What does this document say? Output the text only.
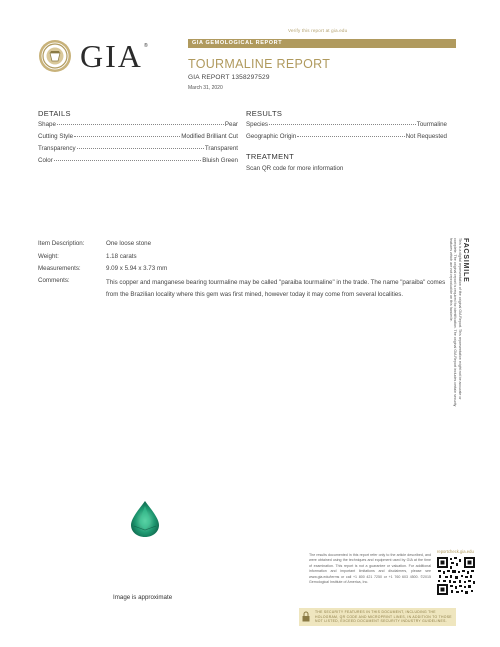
Verify this report at gia.edu
GIA ®	GIA GEMOLOGICAL REPORT
TOURMALINE REPORT
GIA REPORT 1358297529
March 31, 2020
DETAILS
Shape	Pear
Cutting Style	Modified Brilliant Cut
Transparency	Transparent
Color	Bluish Green
RESULTS
Species	Tourmaline
Geographic Origin	Not Requested
TREATMENT
Scan QR code for more information
Item Description:	One loose stone
Weight:	1.18 carats
Measurements:	9.09 x 5.94 x 3.73 mm
Comments:	This copper and manganese bearing tourmaline may be called "paraiba tourmaline" in the trade. The name "paraiba" comes from the Brazilian locality where this gem was first mined, however today it may come from several localities.
FACSIMILE
This is a digital representation of the original GIA Report. This representation might not be accurate or complete. The original report is required for identification. The original GIA Report includes certain security features which are not reproducible on this facsimile.
Image is approximate
The results documented in this report refer only to the article described, and were obtained using the techniques and equipment used by GIA at the time of examination. This report is not a guarantee or valuation. For additional information and important limitations and disclaimers, please see www.gia.edu/terms or call +1 800 421 7250 or +1 760 603 4500. ©2015 Gemological Institute of America, Inc.
reportcheck.gia.edu
THE SECURITY FEATURES IN THIS DOCUMENT, INCLUDING THE HOLOGRAM, QR CODE AND MICROPRINT LINES, IN ADDITION TO THOSE NOT LISTED, EXCEED DOCUMENT SECURITY INDUSTRY GUIDELINES.
